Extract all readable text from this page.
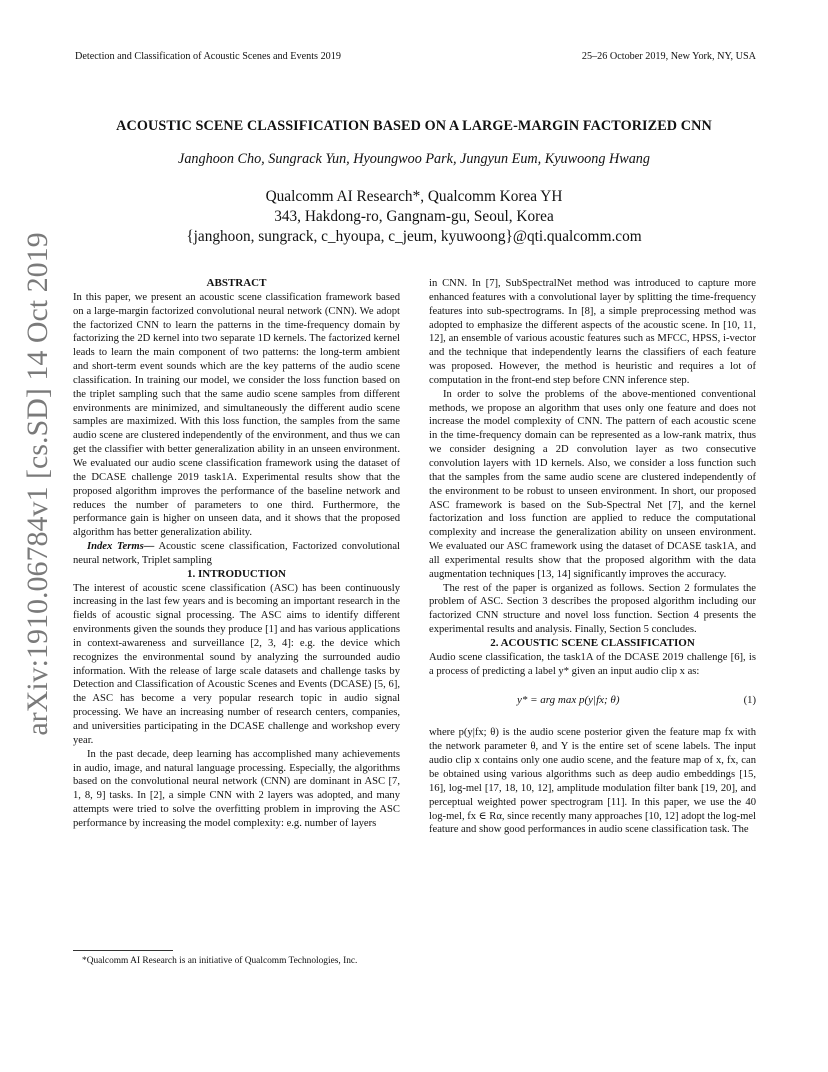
Detection and Classification of Acoustic Scenes and Events 2019	25–26 October 2019, New York, NY, USA
arXiv:1910.06784v1 [cs.SD] 14 Oct 2019
ACOUSTIC SCENE CLASSIFICATION BASED ON A LARGE-MARGIN FACTORIZED CNN
Janghoon Cho, Sungrack Yun, Hyoungwoo Park, Jungyun Eum, Kyuwoong Hwang
Qualcomm AI Research*, Qualcomm Korea YH
343, Hakdong-ro, Gangnam-gu, Seoul, Korea
{janghoon, sungrack, c_hyoupa, c_jeum, kyuwoong}@qti.qualcomm.com

ABSTRACT

In this paper, we present an acoustic scene classification framework based on a large-margin factorized convolutional neural network (CNN). We adopt the factorized CNN to learn the patterns in the time-frequency domain by factorizing the 2D kernel into two separate 1D kernels. The factorized kernel leads to learn the main component of two patterns: the long-term ambient and short-term event sounds which are the key patterns of the audio scene classification. In training our model, we consider the loss function based on the triplet sampling such that the same audio scene samples from different environments are minimized, and simultaneously the different audio scene samples are maximized. With this loss function, the samples from the same audio scene are clustered independently of the environment, and thus we can get the classifier with better generalization ability in an unseen environment. We evaluated our audio scene classification framework using the dataset of the DCASE challenge 2019 task1A. Experimental results show that the proposed algorithm improves the performance of the baseline network and reduces the number of parameters to one third. Furthermore, the performance gain is higher on unseen data, and it shows that the proposed algorithm has better generalization ability.

Index Terms— Acoustic scene classification, Factorized convolutional neural network, Triplet sampling

1. INTRODUCTION

The interest of acoustic scene classification (ASC) has been continuously increasing in the last few years and is becoming an important research in the fields of acoustic signal processing. The ASC aims to identify different environments given the sounds they produce [1] and has various applications in context-awareness and surveillance [2, 3, 4]: e.g. the device which recognizes the environmental sound by analyzing the surrounded audio information. With the release of large scale datasets and challenge tasks by Detection and Classification of Acoustic Scenes and Events (DCASE) [5, 6], the ASC has become a very popular research topic in audio signal processing. We have an increasing number of research centers, companies, and universities participating in the DCASE challenge and workshop every year.

In the past decade, deep learning has accomplished many achievements in audio, image, and natural language processing. Especially, the algorithms based on the convolutional neural network (CNN) are dominant in ASC [7, 1, 8, 9] tasks. In [2], a simple CNN with 2 layers was adopted, and many attempts were tried to solve the overfitting problem in improving the ASC performance by increasing the model complexity: e.g. number of layers

in CNN. In [7], SubSpectralNet method was introduced to capture more enhanced features with a convolutional layer by splitting the time-frequency features into sub-spectrograms. In [8], a simple preprocessing method was adopted to emphasize the different aspects of the acoustic scene. In [10, 11, 12], an ensemble of various acoustic features such as MFCC, HPSS, i-vector and the technique that independently learns the classifiers of each feature was proposed. However, the method is heuristic and requires a lot of computation in the front-end step before CNN inference step.

In order to solve the problems of the above-mentioned conventional methods, we propose an algorithm that uses only one feature and does not increase the model complexity of CNN. The pattern of each acoustic scene in the time-frequency domain can be represented as a low-rank matrix, thus we consider designing a 2D convolution layer as two consecutive convolution layers with 1D kernels. Also, we consider a loss function such that the samples from the same audio scene are clustered independently of the environment to be robust to unseen environment. In short, our proposed ASC framework is based on the Sub-Spectral Net [7], and the kernel factorization and loss function are applied to reduce the computational complexity and increase the generalization ability on unseen environment. We evaluated our ASC framework using the dataset of DCASE task1A, and all experimental results show that the proposed algorithm with the data augmentation techniques [13, 14] significantly improves the accuracy.

The rest of the paper is organized as follows. Section 2 formulates the problem of ASC. Section 3 describes the proposed algorithm including our factorized CNN structure and novel loss function. Section 4 presents the experimental results and analysis. Finally, Section 5 concludes.

2. ACOUSTIC SCENE CLASSIFICATION

Audio scene classification, the task1A of the DCASE 2019 challenge [6], is a process of predicting a label y* given an input audio clip x as:

y* = arg max p(y|fx; θ)	(1)

where p(y|fx; θ) is the audio scene posterior given the feature map fx with the network parameter θ, and Y is the entire set of scene labels. The input audio clip x contains only one audio scene, and the feature map of x, fx, can be obtained using various algorithms such as deep audio embeddings [15, 16], log-mel [17, 18, 10, 12], amplitude modulation filter bank [19, 20], and perceptual weighted power spectrogram [11]. In this paper, we use the 40 log-mel, fx ∈ Rα, since recently many approaches [10, 12] adopt the log-mel feature and show good performances in audio scene classification task. The

*Qualcomm AI Research is an initiative of Qualcomm Technologies, Inc.
